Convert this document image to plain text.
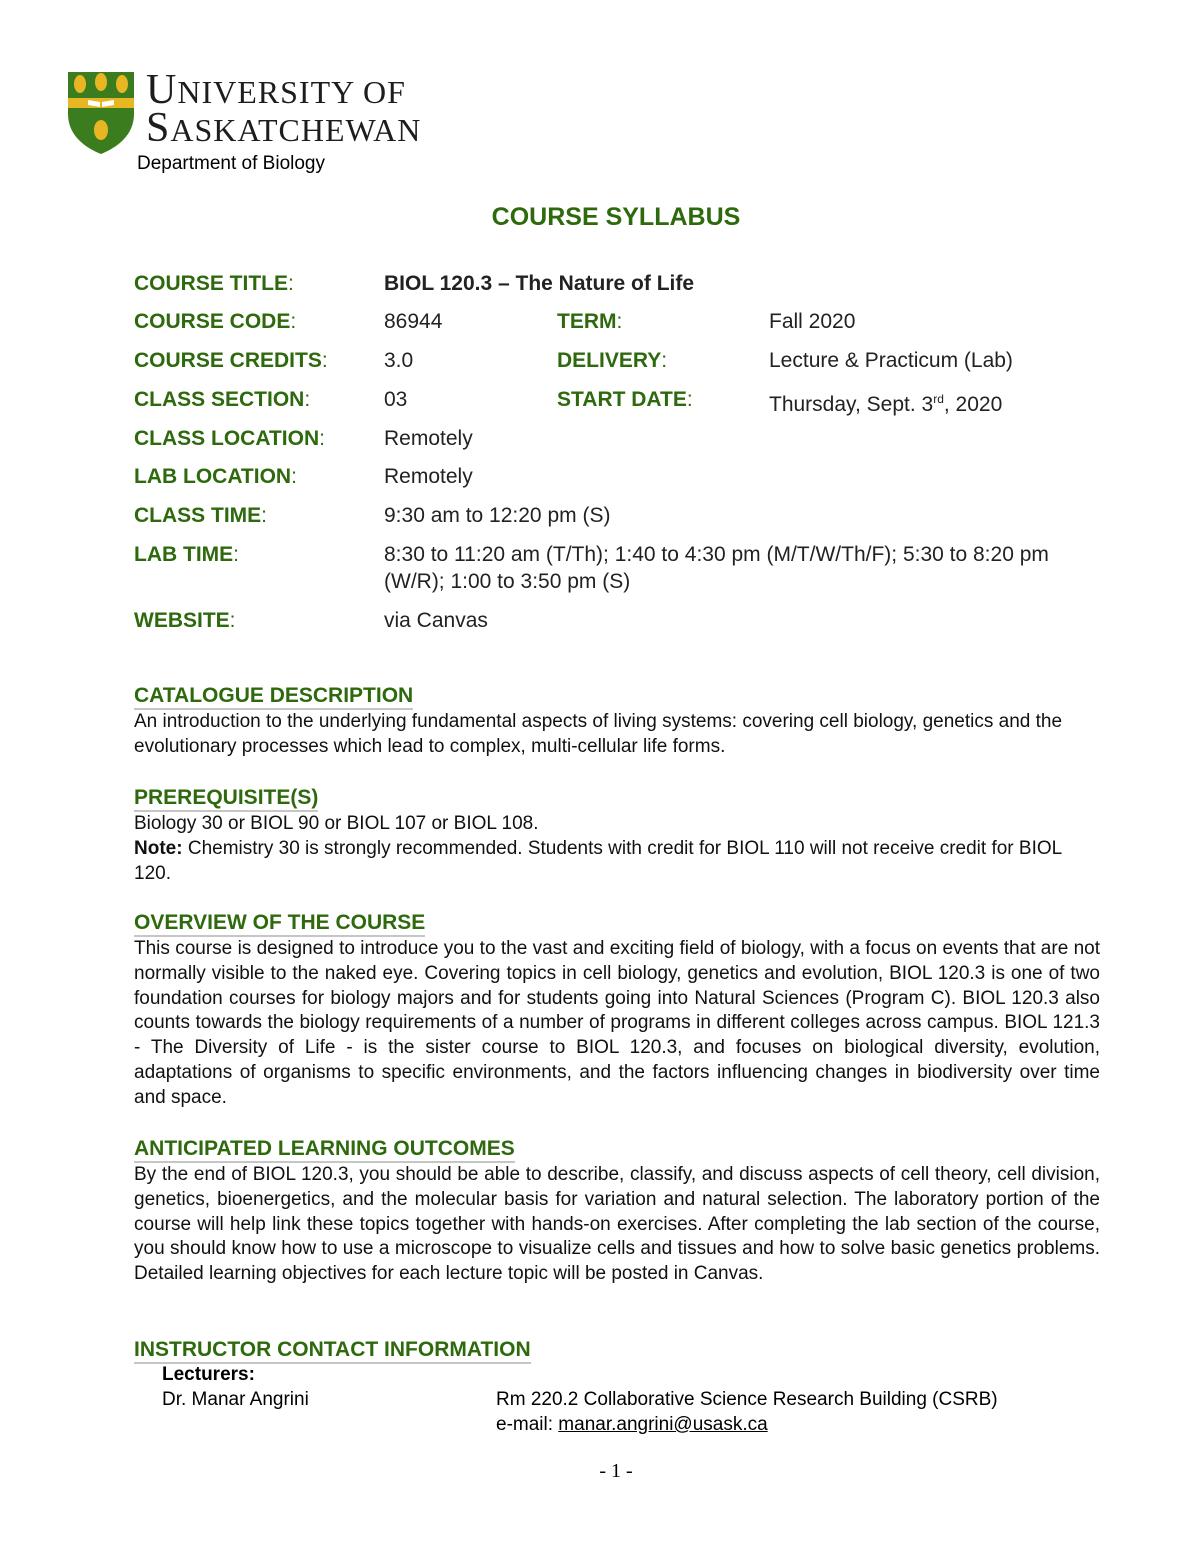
UNIVERSITY OF
SASKATCHEWAN
Department of Biology
COURSE SYLLABUS
COURSE TITLE:	BIOL 120.3 – The Nature of Life
COURSE CODE:	86944	TERM:	Fall 2020
COURSE CREDITS:	3.0	DELIVERY:	Lecture & Practicum (Lab)
CLASS SECTION:	03	START DATE:	Thursday, Sept. 3rd, 2020
CLASS LOCATION:	Remotely
LAB LOCATION:	Remotely
CLASS TIME:	9:30 am to 12:20 pm (S)
LAB TIME:	8:30 to 11:20 am (T/Th); 1:40 to 4:30 pm (M/T/W/Th/F); 5:30 to 8:20 pm (W/R); 1:00 to 3:50 pm (S)
WEBSITE:	via Canvas
CATALOGUE DESCRIPTION
An introduction to the underlying fundamental aspects of living systems: covering cell biology, genetics and the evolutionary processes which lead to complex, multi-cellular life forms.
PREREQUISITE(S)

Biology 30 or BIOL 90 or BIOL 107 or BIOL 108.

Note: Chemistry 30 is strongly recommended. Students with credit for BIOL 110 will not receive credit for BIOL 120.

OVERVIEW OF THE COURSE
This course is designed to introduce you to the vast and exciting field of biology, with a focus on events that are not normally visible to the naked eye. Covering topics in cell biology, genetics and evolution, BIOL 120.3 is one of two foundation courses for biology majors and for students going into Natural Sciences (Program C). BIOL 120.3 also counts towards the biology requirements of a number of programs in different colleges across campus. BIOL 121.3 - The Diversity of Life - is the sister course to BIOL 120.3, and focuses on biological diversity, evolution, adaptations of organisms to specific environments, and the factors influencing changes in biodiversity over time and space.
ANTICIPATED LEARNING OUTCOMES
By the end of BIOL 120.3, you should be able to describe, classify, and discuss aspects of cell theory, cell division, genetics, bioenergetics, and the molecular basis for variation and natural selection. The laboratory portion of the course will help link these topics together with hands-on exercises. After completing the lab section of the course, you should know how to use a microscope to visualize cells and tissues and how to solve basic genetics problems. Detailed learning objectives for each lecture topic will be posted in Canvas.
INSTRUCTOR CONTACT INFORMATION
Lecturers:
Dr. Manar Angrini	Rm 220.2 Collaborative Science Research Building (CSRB)
e-mail: manar.angrini@usask.ca
- 1 -
